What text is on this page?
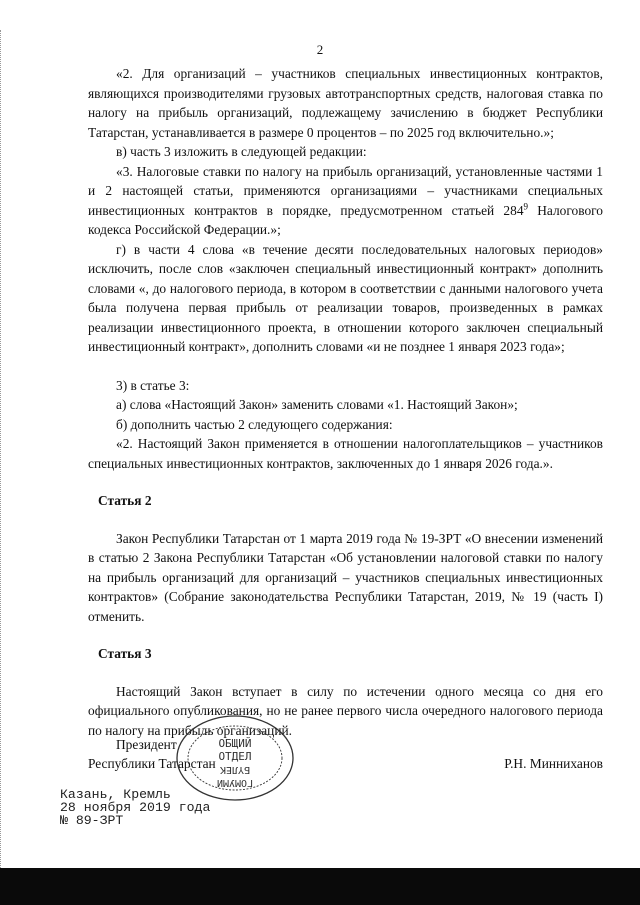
2

«2. Для организаций – участников специальных инвестиционных контрактов, являющихся производителями грузовых автотранспортных средств, налоговая ставка по налогу на прибыль организаций, подлежащему зачислению в бюджет Республики Татарстан, устанавливается в размере 0 процентов – по 2025 год включительно.»;

в) часть 3 изложить в следующей редакции:

«3. Налоговые ставки по налогу на прибыль организаций, установленные частями 1 и 2 настоящей статьи, применяются организациями – участниками специальных инвестиционных контрактов в порядке, предусмотренном статьей $284^9$ Налогового кодекса Российской Федерации.»;

г) в части 4 слова «в течение десяти последовательных налоговых периодов» исключить, после слов «заключен специальный инвестиционный контракт» дополнить словами «, до налогового периода, в котором в соответствии с данными налогового учета была получена первая прибыль от реализации товаров, произведенных в рамках реализации инвестиционного проекта, в отношении которого заключен специальный инвестиционный контракт», дополнить словами «и не позднее 1 января 2023 года»;

3) в статье 3:

а) слова «Настоящий Закон» заменить словами «1. Настоящий Закон»;

б) дополнить частью 2 следующего содержания:

«2. Настоящий Закон применяется в отношении налогоплательщиков – участников специальных инвестиционных контрактов, заключенных до 1 января 2026 года.».

Статья 2

Закон Республики Татарстан от 1 марта 2019 года № 19-ЗРТ «О внесении изменений в статью 2 Закона Республики Татарстан «Об установлении налоговой ставки по налогу на прибыль организаций для организаций – участников специальных инвестиционных контрактов» (Собрание законодательства Республики Татарстан, 2019, № 19 (часть I) отменить.

Статья 3

Настоящий Закон вступает в силу по истечении одного месяца со дня его официального опубликования, но не ранее первого числа очередного налогового периода по налогу на прибыль организаций.

Президент
Республики Татарстан	Р.Н. Минниханов
ОБЩИЙ
ОТДЕЛ
БҮЛЕК
ГОМУМИ
Казань, Кремль
28 ноября 2019 года
№ 89-ЗРТ
